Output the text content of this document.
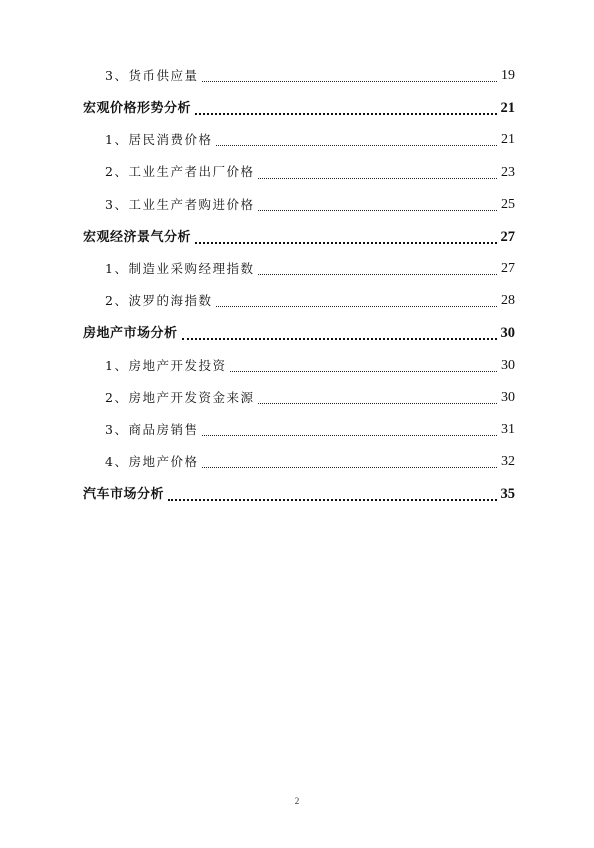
3、货币供应量	19
宏观价格形势分析	21
1、居民消费价格	21
2、工业生产者出厂价格	23
3、工业生产者购进价格	25
宏观经济景气分析	27
1、制造业采购经理指数	27
2、波罗的海指数	28
房地产市场分析	30
1、房地产开发投资	30
2、房地产开发资金来源	30
3、商品房销售	31
4、房地产价格	32
汽车市场分析	35
2
